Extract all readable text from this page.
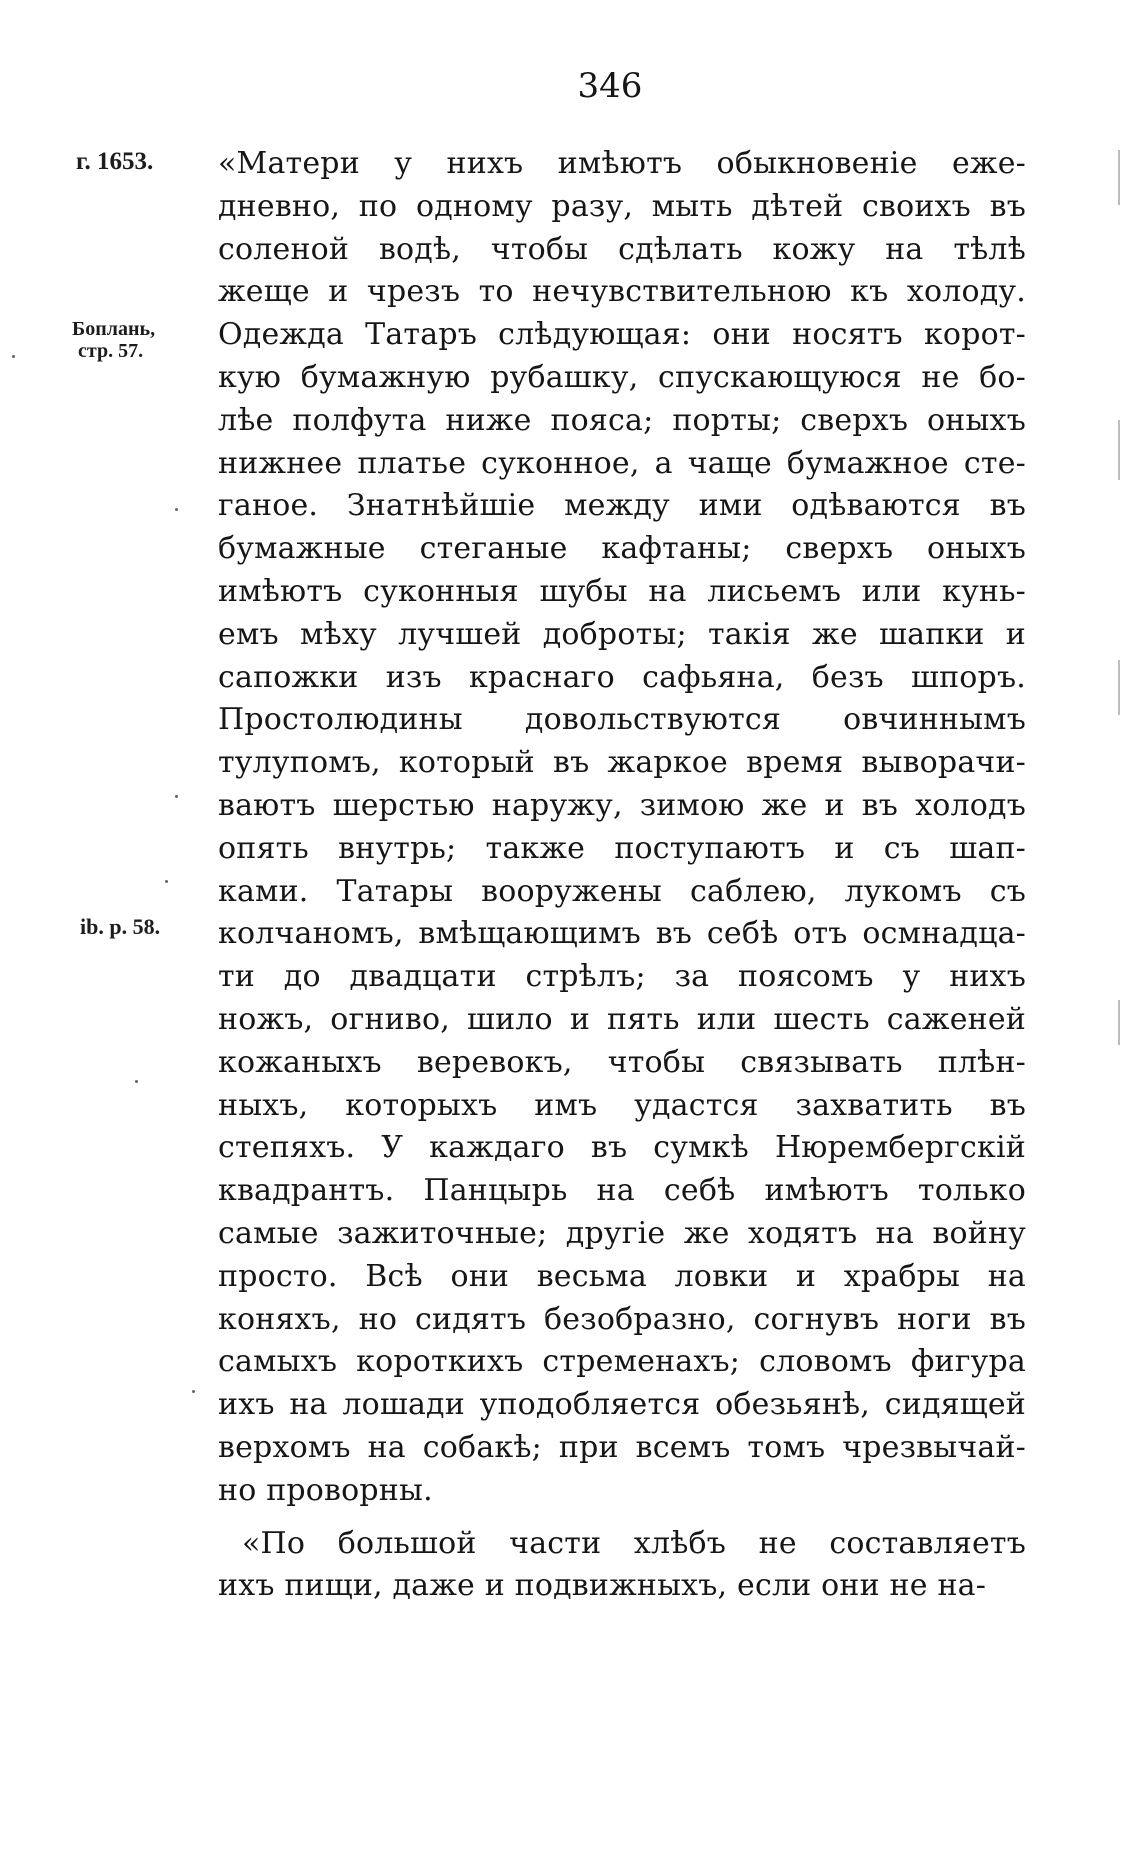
346
г. 1653.
Боплань,
стр. 57.
ib. p. 58.
«Матери у нихъ имѣютъ обыкновеніе еже-
дневно, по одному разу, мыть дѣтей своихъ въ
соленой водѣ, чтобы сдѣлать кожу на тѣлѣ
жеще и чрезъ то нечувствительною къ холоду.
Одежда Татаръ слѣдующая: они носятъ корот-
кую бумажную рубашку, спускающуюся не бо-
лѣе полфута ниже пояса; порты; сверхъ оныхъ
нижнее платье суконное, а чаще бумажное сте-
ганое. Знатнѣйшіе между ими одѣваются въ
бумажные стеганые кафтаны; сверхъ оныхъ
имѣютъ суконныя шубы на лисьемъ или кунь-
емъ мѣху лучшей доброты; такія же шапки и
сапожки изъ краснаго сафьяна, безъ шпоръ.
Простолюдины довольствуются овчиннымъ
тулупомъ, который въ жаркое время выворачи-
ваютъ шерстью наружу, зимою же и въ холодъ
опять внутрь; также поступаютъ и съ шап-
ками. Татары вооружены саблею, лукомъ съ
колчаномъ, вмѣщающимъ въ себѣ отъ осмнадца-
ти до двадцати стрѣлъ; за поясомъ у нихъ
ножъ, огниво, шило и пять или шесть саженей
кожаныхъ веревокъ, чтобы связывать плѣн-
ныхъ, которыхъ имъ удастся захватить въ
степяхъ. У каждаго въ сумкѣ Нюрембергскій
квадрантъ. Панцырь на себѣ имѣютъ только
самые зажиточные; другіе же ходятъ на войну
просто. Всѣ они весьма ловки и храбры на
коняхъ, но сидятъ безобразно, согнувъ ноги въ
самыхъ короткихъ стременахъ; словомъ фигура
ихъ на лошади уподобляется обезьянѣ, сидящей
верхомъ на собакѣ; при всемъ томъ чрезвычай-
но проворны.
«По большой части хлѣбъ не составляетъ
ихъ пищи, даже и подвижныхъ, если они не на-
